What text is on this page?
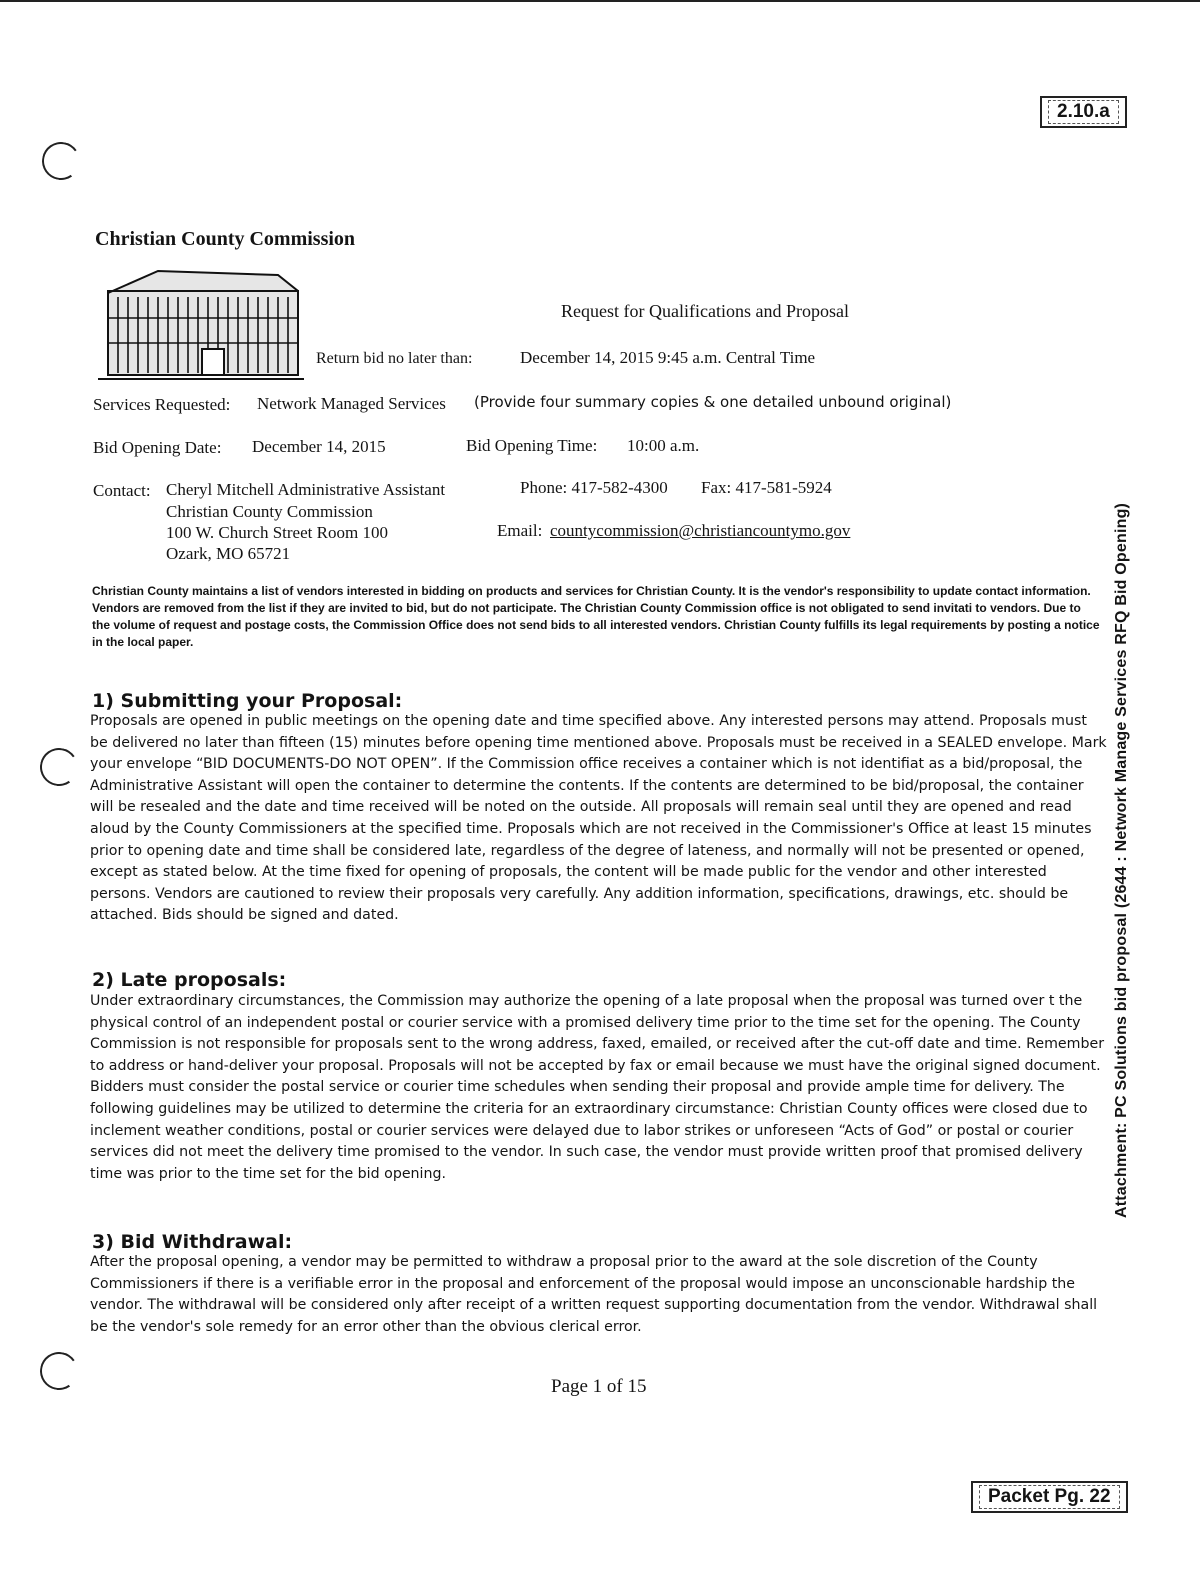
2.10.a
Packet Pg. 22
Attachment: PC Solutions bid proposal (2644 : Network Manage Services RFQ Bid Opening)
Christian County Commission
Request for Qualifications and Proposal
Return bid no later than:	December 14, 2015 9:45 a.m. Central Time
Services Requested: Network Managed Services (Provide four summary copies & one detailed unbound original)
Bid Opening Date: December 14, 2015	Bid Opening Time: 10:00 a.m.
Contact: Cheryl Mitchell Administrative Assistant
Christian County Commission
100 W. Church Street Room 100
Ozark, MO 65721
Phone: 417-582-4300 Fax: 417-581-5924
Email: countycommission@christiancountymo.gov
Christian County maintains a list of vendors interested in bidding on products and services for Christian County. It is the vendor's responsibility to update contact information. Vendors are removed from the list if they are invited to bid, but do not participate. The Christian County Commission office is not obligated to send invitati to vendors. Due to the volume of request and postage costs, the Commission Office does not send bids to all interested vendors. Christian County fulfills its legal requirements by posting a notice in the local paper.
1) Submitting your Proposal:
Proposals are opened in public meetings on the opening date and time specified above. Any interested persons may attend. Proposals must be delivered no later than fifteen (15) minutes before opening time mentioned above. Proposals must be received in a SEALED envelope. Mark your envelope “BID DOCUMENTS-DO NOT OPEN”. If the Commission office receives a container which is not identifiat as a bid/proposal, the Administrative Assistant will open the container to determine the contents. If the contents are determined to be bid/proposal, the container will be resealed and the date and time received will be noted on the outside. All proposals will remain seal until they are opened and read aloud by the County Commissioners at the specified time. Proposals which are not received in the Commissioner's Office at least 15 minutes prior to opening date and time shall be considered late, regardless of the degree of lateness, and normally will not be presented or opened, except as stated below. At the time fixed for opening of proposals, the content will be made public for the vendor and other interested persons. Vendors are cautioned to review their proposals very carefully. Any addition information, specifications, drawings, etc. should be attached. Bids should be signed and dated.
2) Late proposals:
Under extraordinary circumstances, the Commission may authorize the opening of a late proposal when the proposal was turned over t the physical control of an independent postal or courier service with a promised delivery time prior to the time set for the opening. The County Commission is not responsible for proposals sent to the wrong address, faxed, emailed, or received after the cut-off date and time. Remember to address or hand-deliver your proposal. Proposals will not be accepted by fax or email because we must have the original signed document. Bidders must consider the postal service or courier time schedules when sending their proposal and provide ample time for delivery. The following guidelines may be utilized to determine the criteria for an extraordinary circumstance: Christian County offices were closed due to inclement weather conditions, postal or courier services were delayed due to labor strikes or unforeseen “Acts of God” or postal or courier services did not meet the delivery time promised to the vendor. In such case, the vendor must provide written proof that promised delivery time was prior to the time set for the bid opening.
3) Bid Withdrawal:
After the proposal opening, a vendor may be permitted to withdraw a proposal prior to the award at the sole discretion of the County Commissioners if there is a verifiable error in the proposal and enforcement of the proposal would impose an unconscionable hardship the vendor. The withdrawal will be considered only after receipt of a written request supporting documentation from the vendor. Withdrawal shall be the vendor's sole remedy for an error other than the obvious clerical error.
Page 1 of 15
